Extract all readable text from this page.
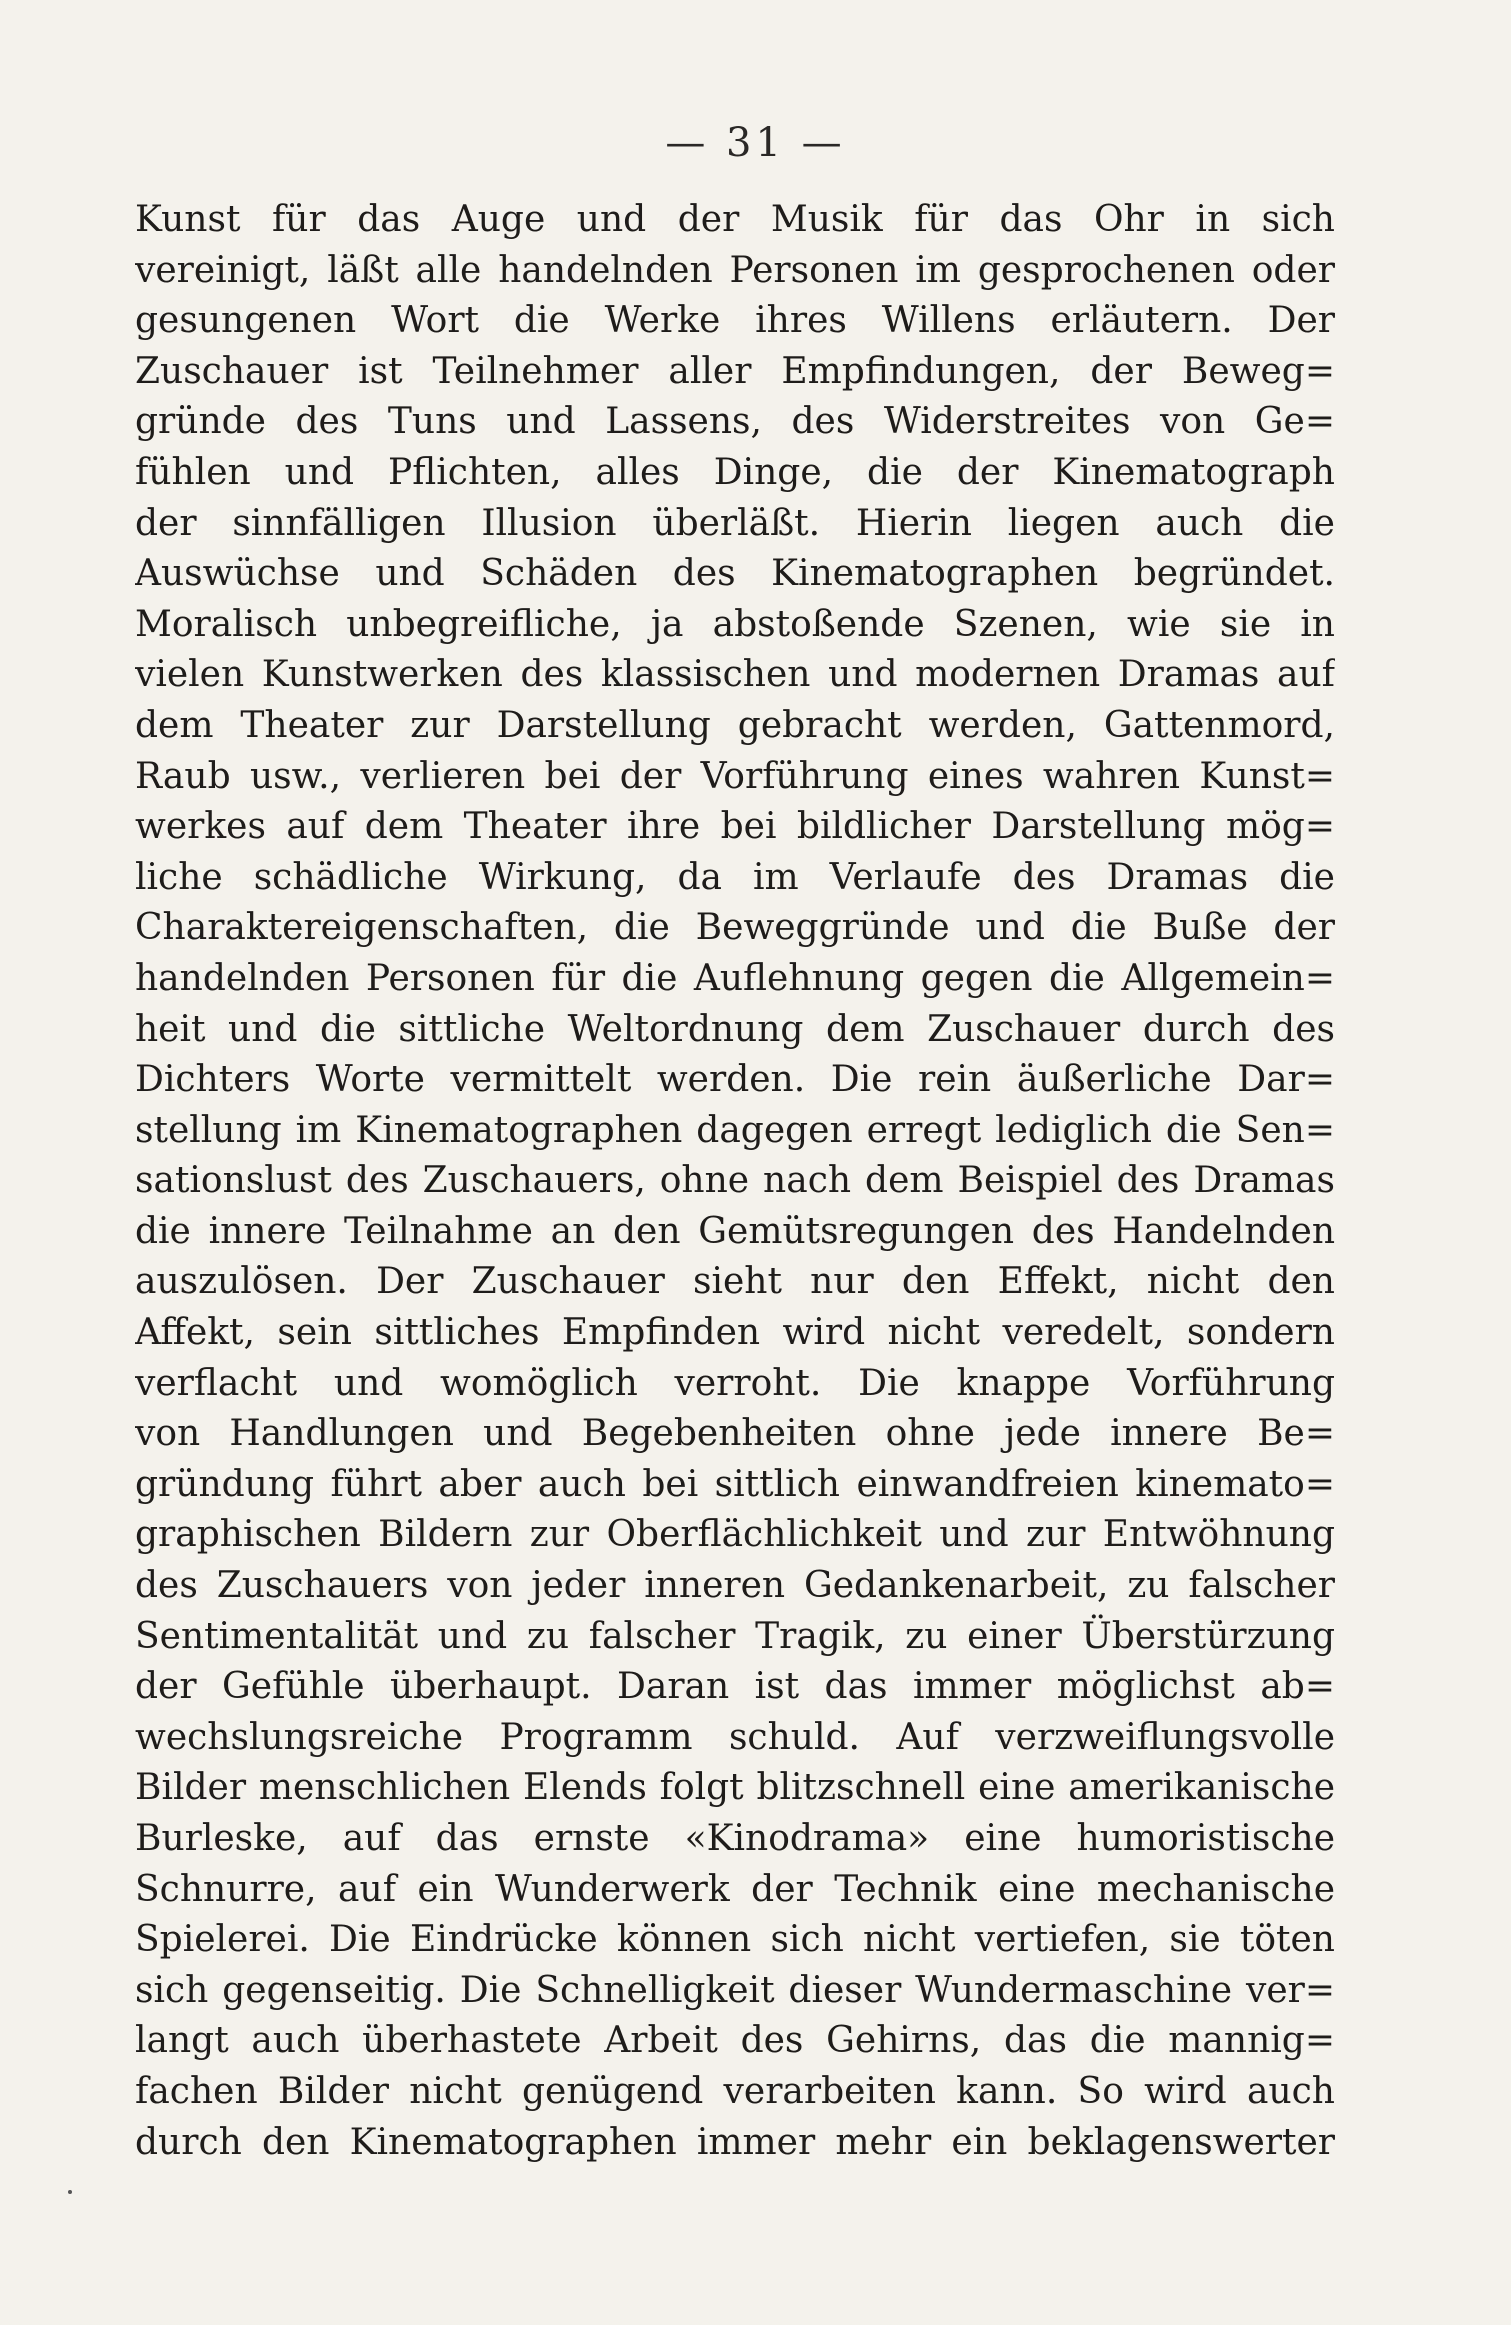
— 31 —
Kunst für das Auge und der Musik für das Ohr in sich
vereinigt, läßt alle handelnden Personen im gesprochenen oder
gesungenen Wort die Werke ihres Willens erläutern. Der
Zuschauer ist Teilnehmer aller Empfindungen, der Beweg=
gründe des Tuns und Lassens, des Widerstreites von Ge=
fühlen und Pflichten, alles Dinge, die der Kinematograph
der sinnfälligen Illusion überläßt. Hierin liegen auch die
Auswüchse und Schäden des Kinematographen begründet.
Moralisch unbegreifliche, ja abstoßende Szenen, wie sie in
vielen Kunstwerken des klassischen und modernen Dramas auf
dem Theater zur Darstellung gebracht werden, Gattenmord,
Raub usw., verlieren bei der Vorführung eines wahren Kunst=
werkes auf dem Theater ihre bei bildlicher Darstellung mög=
liche schädliche Wirkung, da im Verlaufe des Dramas die
Charaktereigenschaften, die Beweggründe und die Buße der
handelnden Personen für die Auflehnung gegen die Allgemein=
heit und die sittliche Weltordnung dem Zuschauer durch des
Dichters Worte vermittelt werden. Die rein äußerliche Dar=
stellung im Kinematographen dagegen erregt lediglich die Sen=
sationslust des Zuschauers, ohne nach dem Beispiel des Dramas
die innere Teilnahme an den Gemütsregungen des Handelnden
auszulösen. Der Zuschauer sieht nur den Effekt, nicht den
Affekt, sein sittliches Empfinden wird nicht veredelt, sondern
verflacht und womöglich verroht. Die knappe Vorführung
von Handlungen und Begebenheiten ohne jede innere Be=
gründung führt aber auch bei sittlich einwandfreien kinemato=
graphischen Bildern zur Oberflächlichkeit und zur Entwöhnung
des Zuschauers von jeder inneren Gedankenarbeit, zu falscher
Sentimentalität und zu falscher Tragik, zu einer Überstürzung
der Gefühle überhaupt. Daran ist das immer möglichst ab=
wechslungsreiche Programm schuld. Auf verzweiflungsvolle
Bilder menschlichen Elends folgt blitzschnell eine amerikanische
Burleske, auf das ernste «Kinodrama» eine humoristische
Schnurre, auf ein Wunderwerk der Technik eine mechanische
Spielerei. Die Eindrücke können sich nicht vertiefen, sie töten
sich gegenseitig. Die Schnelligkeit dieser Wundermaschine ver=
langt auch überhastete Arbeit des Gehirns, das die mannig=
fachen Bilder nicht genügend verarbeiten kann. So wird auch
durch den Kinematographen immer mehr ein beklagenswerter
